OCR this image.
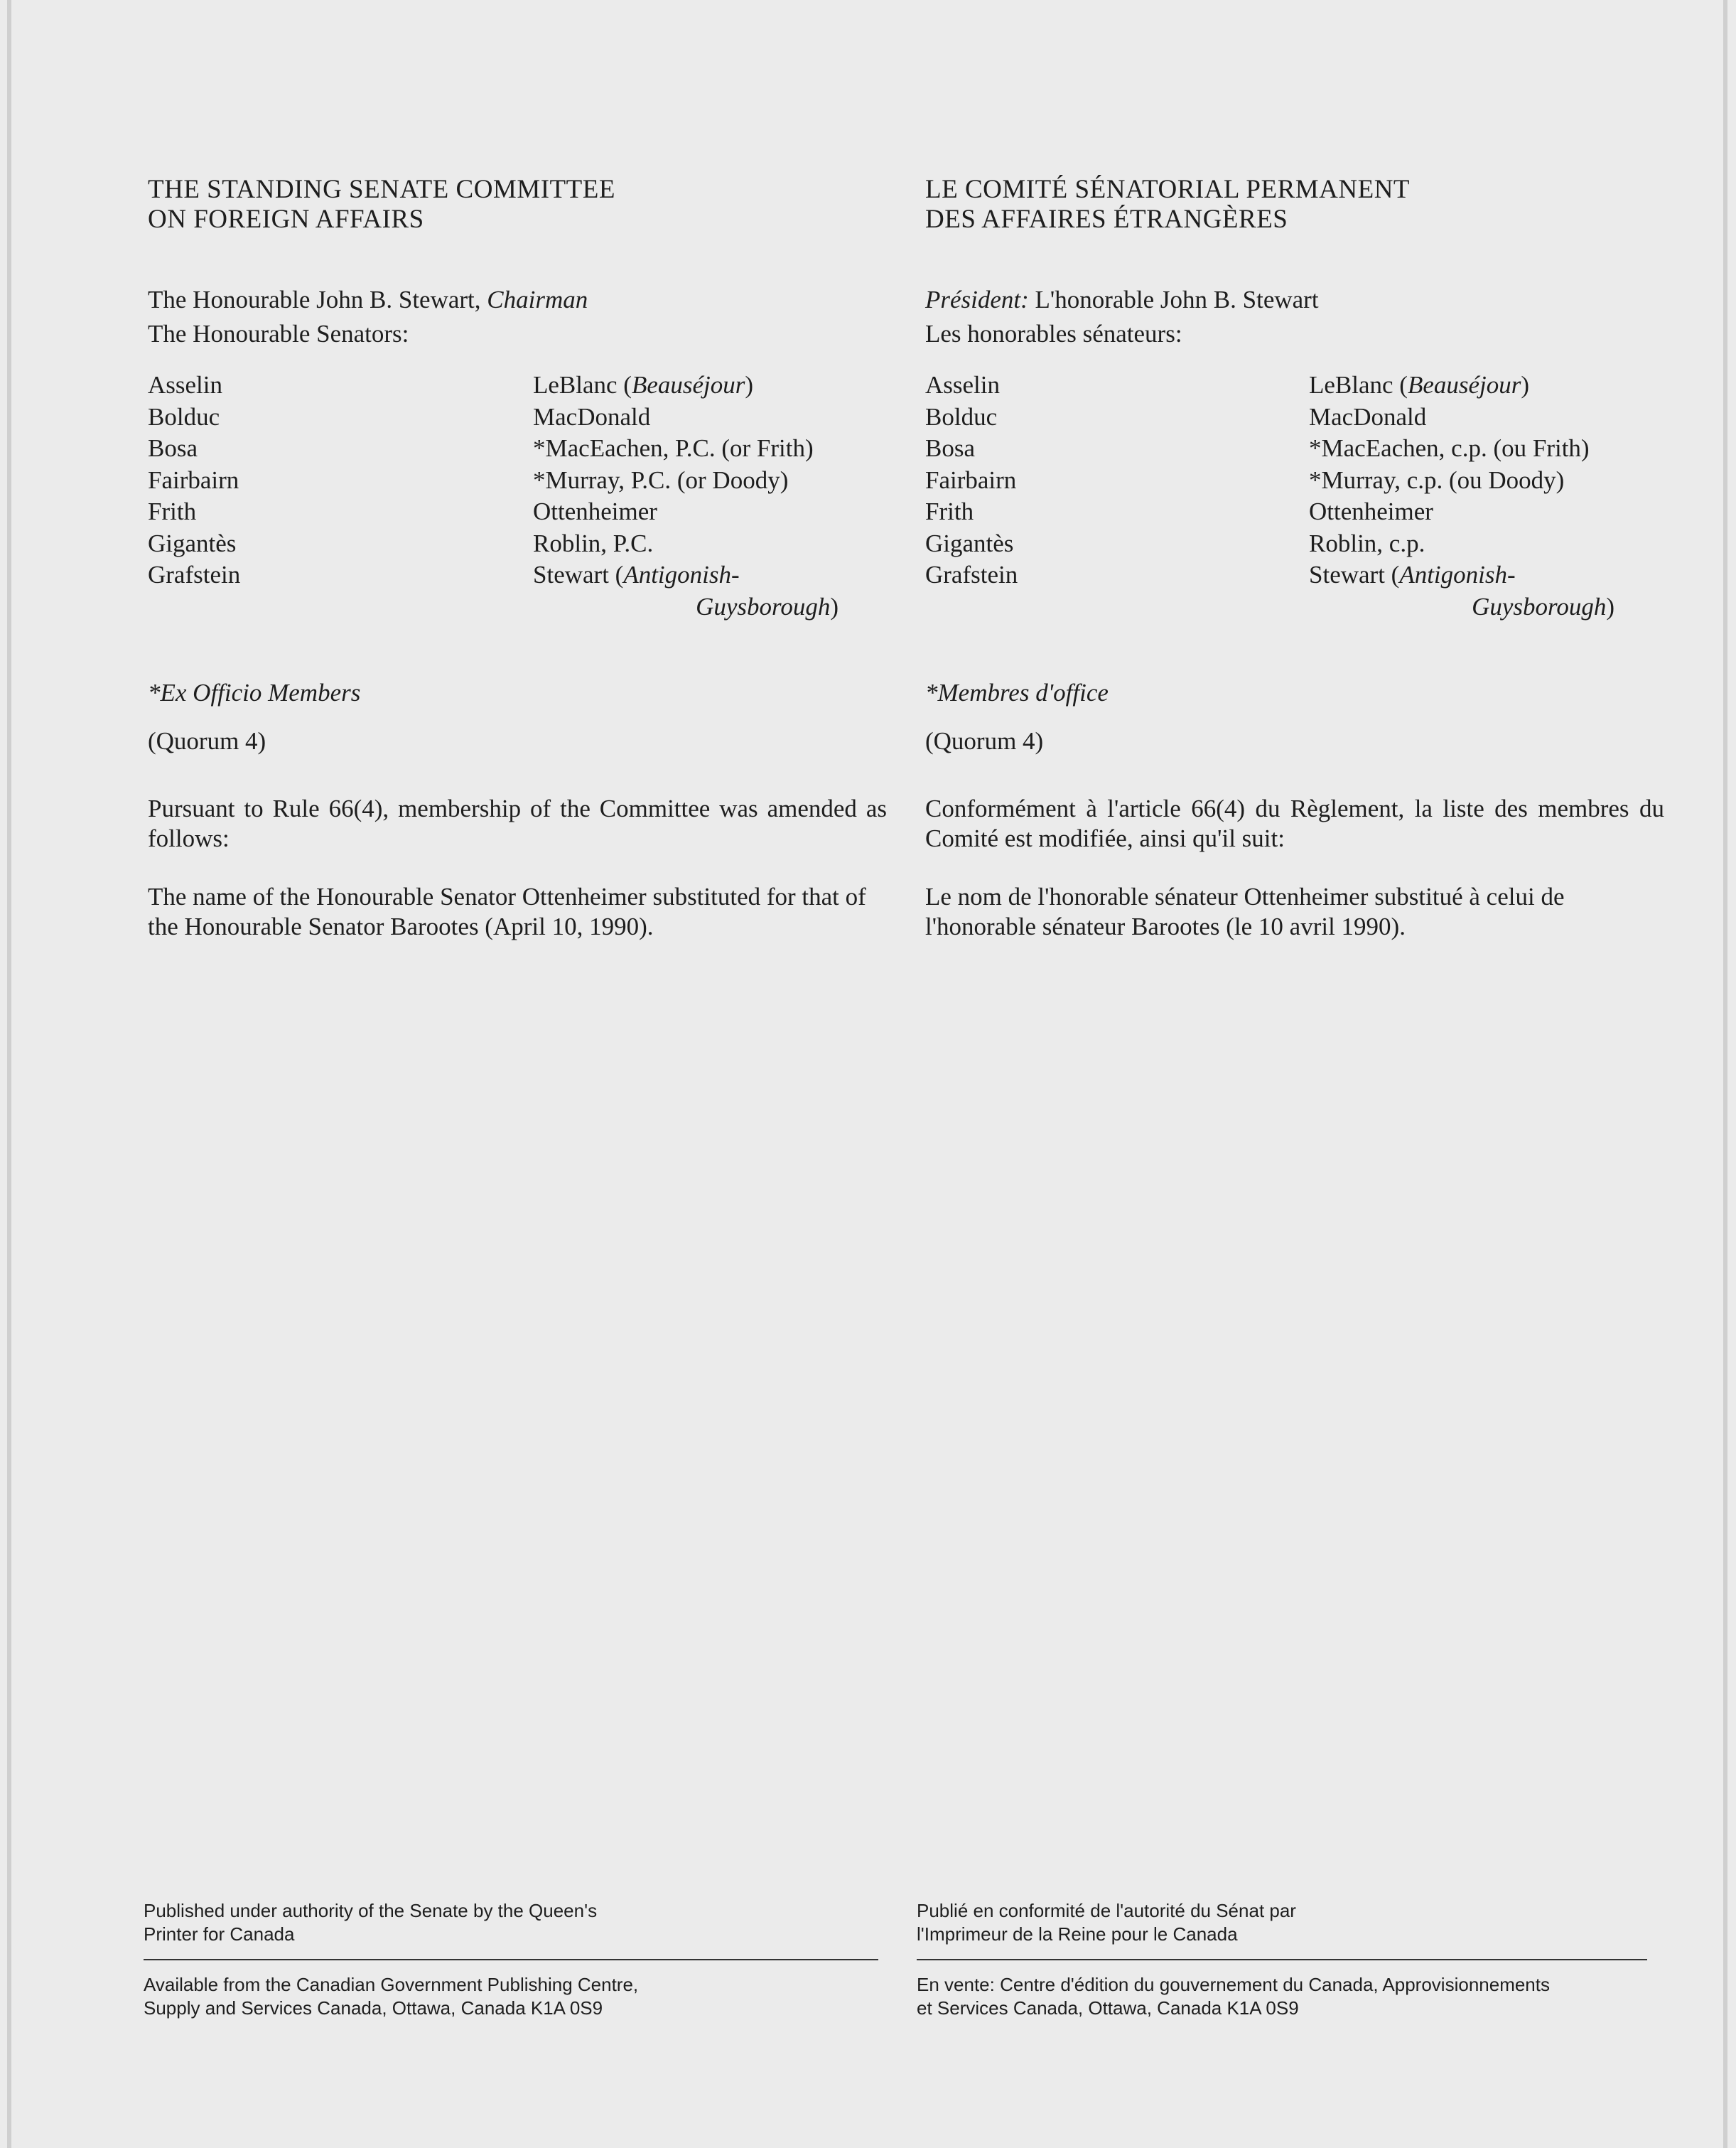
THE STANDING SENATE COMMITTEE
ON FOREIGN AFFAIRS

The Honourable John B. Stewart, Chairman

The Honourable Senators:

Asselin
Bolduc
Bosa
Fairbairn
Frith
Gigantès
Grafstein
LeBlanc (Beauséjour)
MacDonald
*MacEachen, P.C. (or Frith)
*Murray, P.C. (or Doody)
Ottenheimer
Roblin, P.C.
Stewart (Antigonish-
Guysborough)

*Ex Officio Members

(Quorum 4)

Pursuant to Rule 66(4), membership of the Committee was amended as follows:

The name of the Honourable Senator Ottenheimer substituted for that of the Honourable Senator Barootes (April 10, 1990).

LE COMITÉ SÉNATORIAL PERMANENT
DES AFFAIRES ÉTRANGÈRES

Président: L'honorable John B. Stewart

Les honorables sénateurs:

Asselin
Bolduc
Bosa
Fairbairn
Frith
Gigantès
Grafstein
LeBlanc (Beauséjour)
MacDonald
*MacEachen, c.p. (ou Frith)
*Murray, c.p. (ou Doody)
Ottenheimer
Roblin, c.p.
Stewart (Antigonish-
Guysborough)

*Membres d'office

(Quorum 4)

Conformément à l'article 66(4) du Règlement, la liste des membres du Comité est modifiée, ainsi qu'il suit:

Le nom de l'honorable sénateur Ottenheimer substitué à celui de l'honorable sénateur Barootes (le 10 avril 1990).

Published under authority of the Senate by the Queen's Printer for Canada

Available from the Canadian Government Publishing Centre, Supply and Services Canada, Ottawa, Canada K1A 0S9

Publié en conformité de l'autorité du Sénat par l'Imprimeur de la Reine pour le Canada

En vente: Centre d'édition du gouvernement du Canada, Approvisionnements et Services Canada, Ottawa, Canada K1A 0S9
